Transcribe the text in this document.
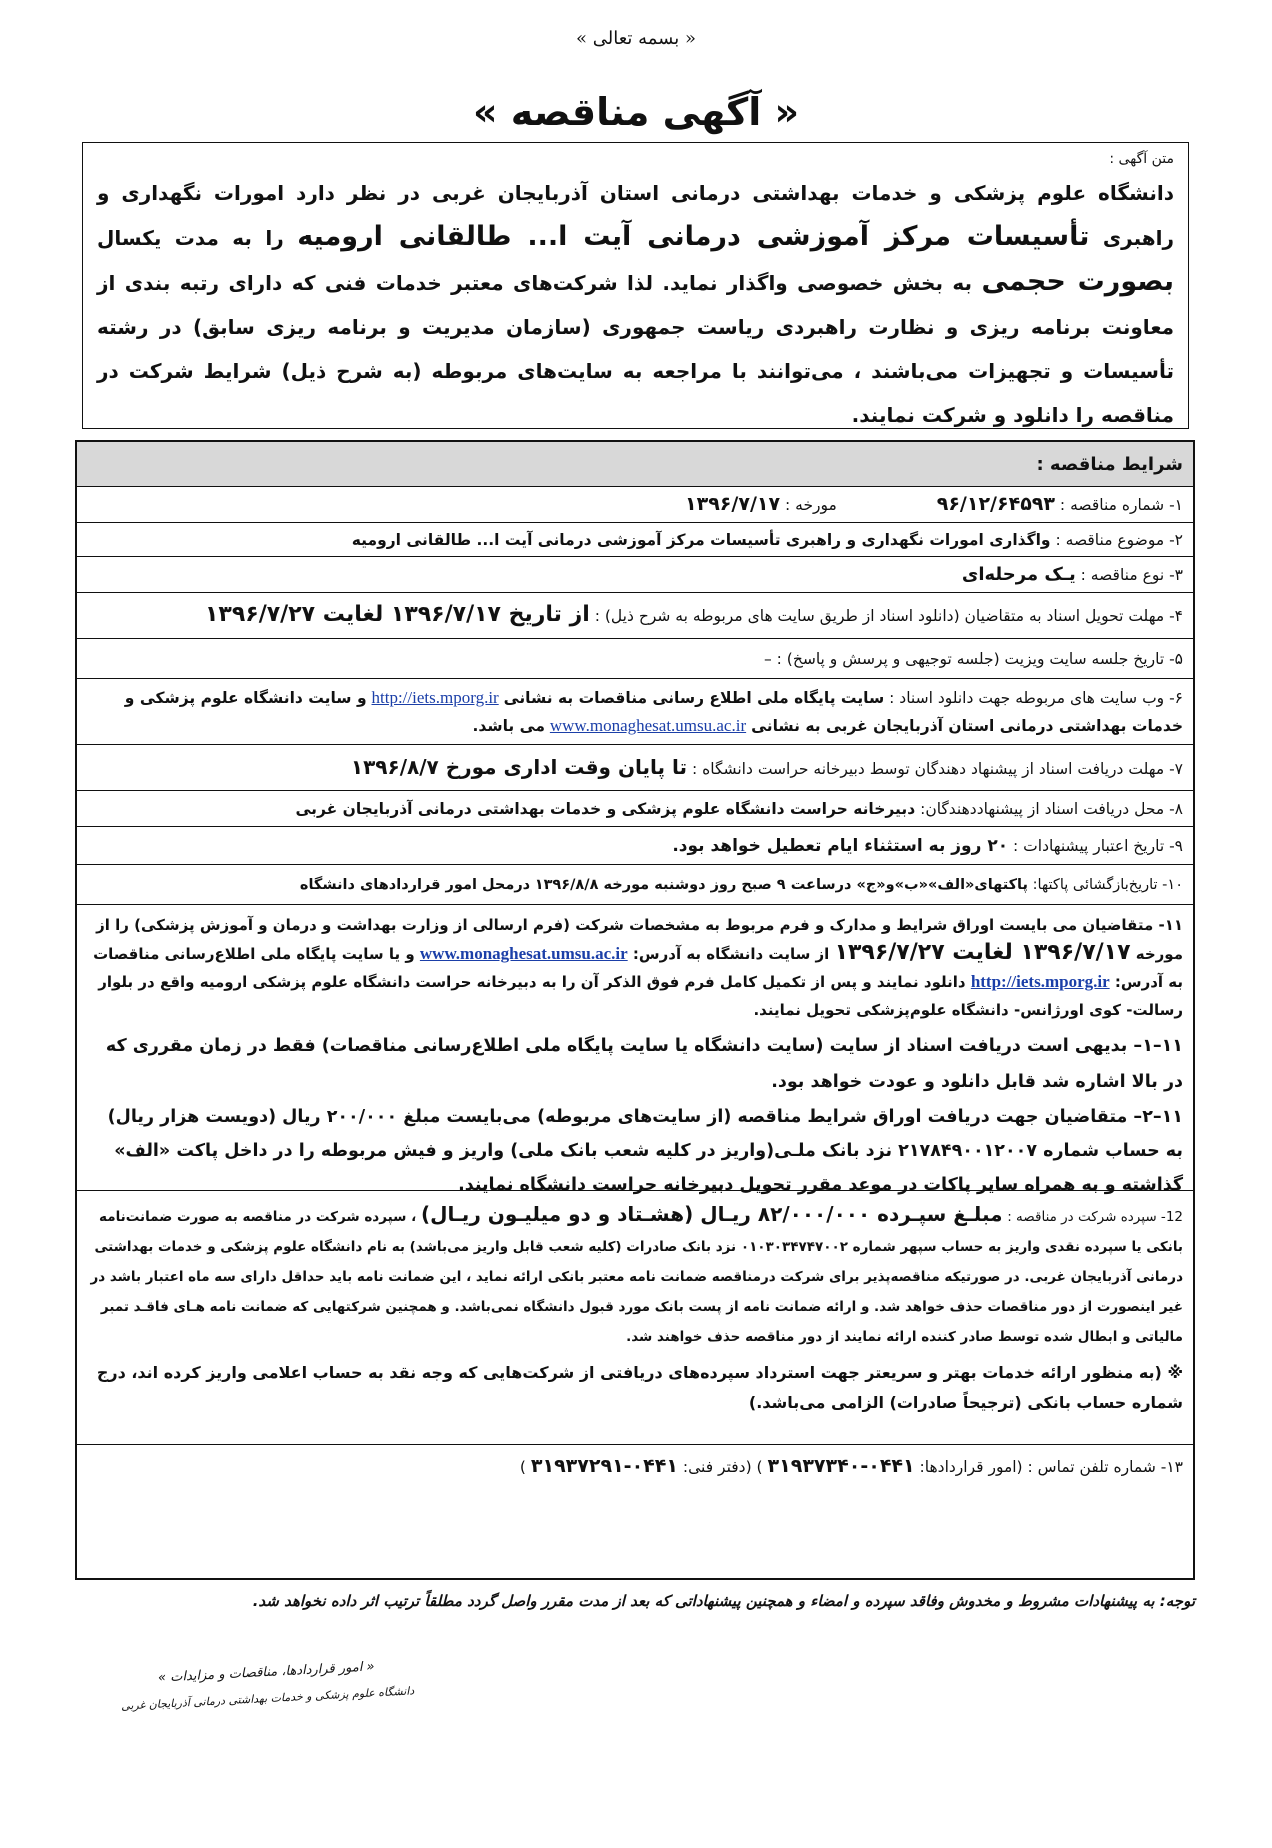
« بسمه تعالی »
« آگهی مناقصه »
متن آگهی :
دانشگاه علوم پزشکی و خدمات بهداشتی درمانی استان آذربایجان غربی در نظر دارد امورات نگهداری و راهبری تأسیسات مرکز آموزشی درمانی آیت ا... طالقانی ارومیه را به مدت یکسال بصورت حجمی به بخش خصوصی واگذار نماید. لذا شرکت‌های معتبر خدمات فنی که دارای رتبه بندی از معاونت برنامه ریزی و نظارت راهبردی ریاست جمهوری (سازمان مدیریت و برنامه ریزی سابق) در رشته تأسیسات و تجهیزات می‌باشند ، می‌توانند با مراجعه به سایت‌های مربوطه (به شرح ذیل) شرایط شرکت در مناقصه را دانلود و شرکت نمایند.
شرایط مناقصه :

۱- شماره مناقصه : ۹۶/۱۲/۶۴۵۹۳  مورخه : ۱۳۹۶/۷/۱۷

۲- موضوع مناقصه : واگذاری امورات نگهداری و راهبری تأسیسات مرکز آموزشی درمانی آیت ا... طالقانی ارومیه

۳- نوع مناقصه : یـک مرحله‌ای

۴- مهلت تحویل اسناد به متقاضیان (دانلود اسناد از طریق سایت های مربوطه به شرح ذیل) : از تاریخ ۱۳۹۶/۷/۱۷ لغایت ۱۳۹۶/۷/۲۷

۵- تاریخ جلسه سایت ویزیت (جلسه توجیهی و پرسش و پاسخ) : –

۶- وب سایت های مربوطه جهت دانلود اسناد : سایت پایگاه ملی اطلاع رسانی مناقصات به نشانی http://iets.mporg.ir و سایت دانشگاه علوم پزشکی و خدمات بهداشتی درمانی استان آذربایجان غربی به نشانی www.monaghesat.umsu.ac.ir می باشد.

۷- مهلت دریافت اسناد از پیشنهاد دهندگان توسط دبیرخانه حراست دانشگاه : تا پایان وقت اداری مورخ ۱۳۹۶/۸/۷

۸- محل دریافت اسناد از پیشنهاددهندگان: دبیرخانه حراست دانشگاه علوم پزشکی و خدمات بهداشتی درمانی آذربایجان غربی

۹- تاریخ اعتبار پیشنهادات : ۲۰ روز به استثناء ایام تعطیل خواهد بود.

۱۰- تاریخ‌بازگشائی پاکتها: پاکتهای«الف»«ب»و«ج» درساعت ۹ صبح روز دوشنبه مورخه ۱۳۹۶/۸/۸ درمحل امور قراردادهای دانشگاه

۱۱- متقاضیان می بایست اوراق شرایط و مدارک و فرم مربوط به مشخصات شرکت (فرم ارسالی از وزارت بهداشت و درمان و آموزش پزشکی) را از مورخه ۱۳۹۶/۷/۱۷ لغایت ۱۳۹۶/۷/۲۷ از سایت دانشگاه به آدرس: www.monaghesat.umsu.ac.ir و یا سایت پایگاه ملی اطلاع‌رسانی مناقصات به آدرس: http://iets.mporg.ir دانلود نمایند و پس از تکمیل کامل فرم فوق الذکر آن را به دبیرخانه حراست دانشگاه علوم پزشکی ارومیه واقع در بلوار رسالت- کوی اورژانس- دانشگاه علوم‌پزشکی تحویل نمایند.

۱۱–۱– بدیهی است دریافت اسناد از سایت (سایت دانشگاه یا سایت پایگاه ملی اطلاع‌رسانی مناقصات) فقط در زمان مقرری که در بالا اشاره شد قابل دانلود و عودت خواهد بود.

۱۱–۲– متقاضیان جهت دریافت اوراق شرایط مناقصه (از سایت‌های مربوطه) می‌بایست مبلغ ۲۰۰/۰۰۰ ریال (دویست هزار ریال) به حساب شماره ۲۱۷۸۴۹۰۰۱۲۰۰۷ نزد بانک ملـی(واریز در کلیه شعب بانک ملی) واریز و فیش مربوطه را در داخل پاکت «الف» گذاشته و به همراه سایر پاکات در موعد مقرر تحویل دبیرخانه حراست دانشگاه نمایند.

12- سپرده شرکت در مناقصه : مبلـغ سپـرده ۸۲/۰۰۰/۰۰۰ ریـال (هشـتاد و دو میلیـون ریـال) ، سپرده شرکت در مناقصه به صورت ضمانت‌نامه بانکی یا سپرده نقدی واریز به حساب سپهر شماره ۰۱۰۳۰۳۴۷۴۷۰۰۲ نزد بانک صادرات (کلیه شعب قابل واریز می‌باشد) به نام دانشگاه علوم پزشکی و خدمات بهداشتی درمانی آذربایجان غربی. در صورتیکه مناقصه‌پذیر برای شرکت درمناقصه ضمانت نامه معتبر بانکی ارائه نماید ، این ضمانت نامه باید حداقل دارای سه ماه اعتبار باشد در غیر اینصورت از دور مناقصات حذف خواهد شد. و ارائه ضمانت نامه از پست بانک مورد قبول دانشگاه نمی‌باشد. و همچنین شرکتهایی که ضمانت نامه هـای فاقـد تمبر مالیاتی و ابطال شده توسط صادر کننده ارائه نمایند از دور مناقصه حذف خواهند شد.

※ (به منظور ارائه خدمات بهتر و سریعتر جهت استرداد سپرده‌های دریافتی از شرکت‌هایی که وجه نقد به حساب اعلامی واریز کرده اند، درج شماره حساب بانکی (ترجیحاً صادرات) الزامی می‌باشد.)

۱۳- شماره تلفن تماس : (امور قراردادها: ۰۴۴۱-۳۱۹۳۷۳۴۰ ) (دفتر فنی: ۰۴۴۱-۳۱۹۳۷۲۹۱ )

توجه: به پیشنهادات مشروط و مخدوش وفاقد سپرده و امضاء و همچنین پیشنهاداتی که بعد از مدت مقرر واصل گردد مطلقاً ترتیب اثر داده نخواهد شد.
« امور قراردادها، مناقصات و مزایدات »
دانشگاه علوم پزشکی و خدمات بهداشتی درمانی آذربایجان غربی
